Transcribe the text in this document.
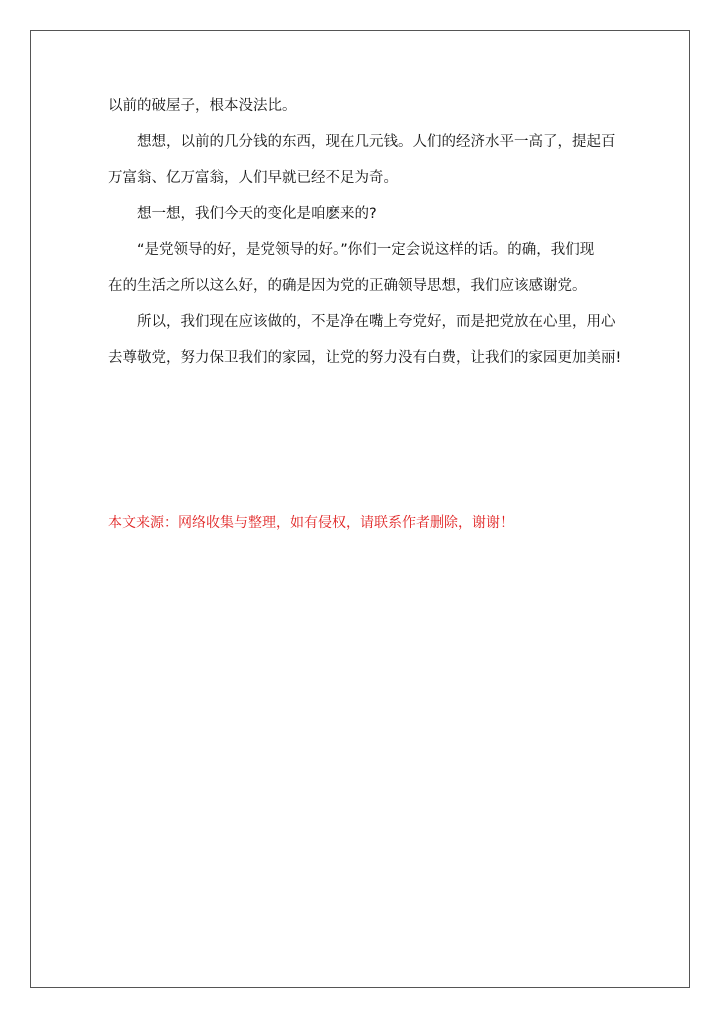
以前的破屋子，根本没法比。
　　想想，以前的几分钱的东西，现在几元钱。人们的经济水平一高了，提起百
万富翁、亿万富翁，人们早就已经不足为奇。
　　想一想，我们今天的变化是咱麽来的?
　　“是党领导的好，是党领导的好。”你们一定会说这样的话。的确，我们现
在的生活之所以这么好，的确是因为党的正确领导思想，我们应该感谢党。
　　所以，我们现在应该做的，不是净在嘴上夸党好，而是把党放在心里，用心
去尊敬党，努力保卫我们的家园，让党的努力没有白费，让我们的家园更加美丽!
本文来源：网络收集与整理，如有侵权，请联系作者删除，谢谢！
